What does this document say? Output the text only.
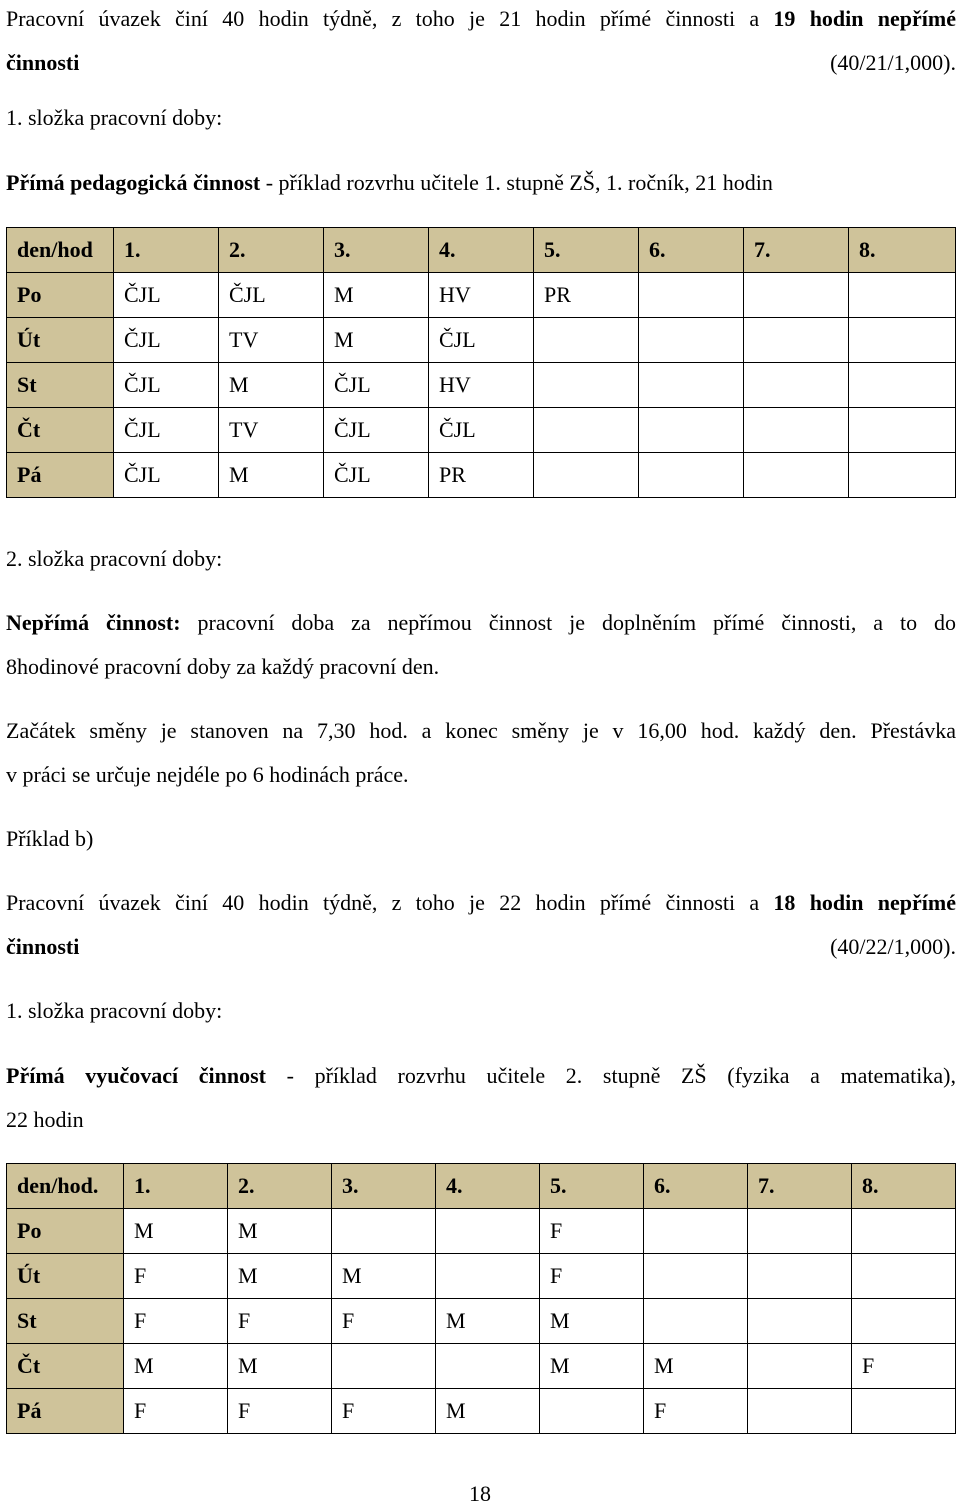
Pracovní úvazek činí 40 hodin týdně, z toho je 21 hodin přímé činnosti a 19 hodin nepřímé
činnosti (40/21/1,000).

1. složka pracovní doby:

Přímá pedagogická činnost - příklad rozvrhu učitele 1. stupně ZŠ, 1. ročník, 21 hodin

den/hod	1.	2.	3.	4.	5.	6.	7.	8.
Po	ČJL	ČJL	M	HV	PR			
Út	ČJL	TV	M	ČJL				
St	ČJL	M	ČJL	HV				
Čt	ČJL	TV	ČJL	ČJL				
Pá	ČJL	M	ČJL	PR				

2. složka pracovní doby:

Nepřímá činnost: pracovní doba za nepřímou činnost je doplněním přímé činnosti, a to do
8hodinové pracovní doby za každý pracovní den.

Začátek směny je stanoven na 7,30 hod. a konec směny je v 16,00 hod. každý den. Přestávka
v práci se určuje nejdéle po 6 hodinách práce.

Příklad b)

Pracovní úvazek činí 40 hodin týdně, z toho je 22 hodin přímé činnosti a 18 hodin nepřímé
činnosti (40/22/1,000).

1. složka pracovní doby:

Přímá vyučovací činnost - příklad rozvrhu učitele 2. stupně ZŠ (fyzika a matematika),
22 hodin

den/hod.	1.	2.	3.	4.	5.	6.	7.	8.
Po	M	M			F			
Út	F	M	M		F			
St	F	F	F	M	M			
Čt	M	M			M	M		F
Pá	F	F	F	M		F		
18
